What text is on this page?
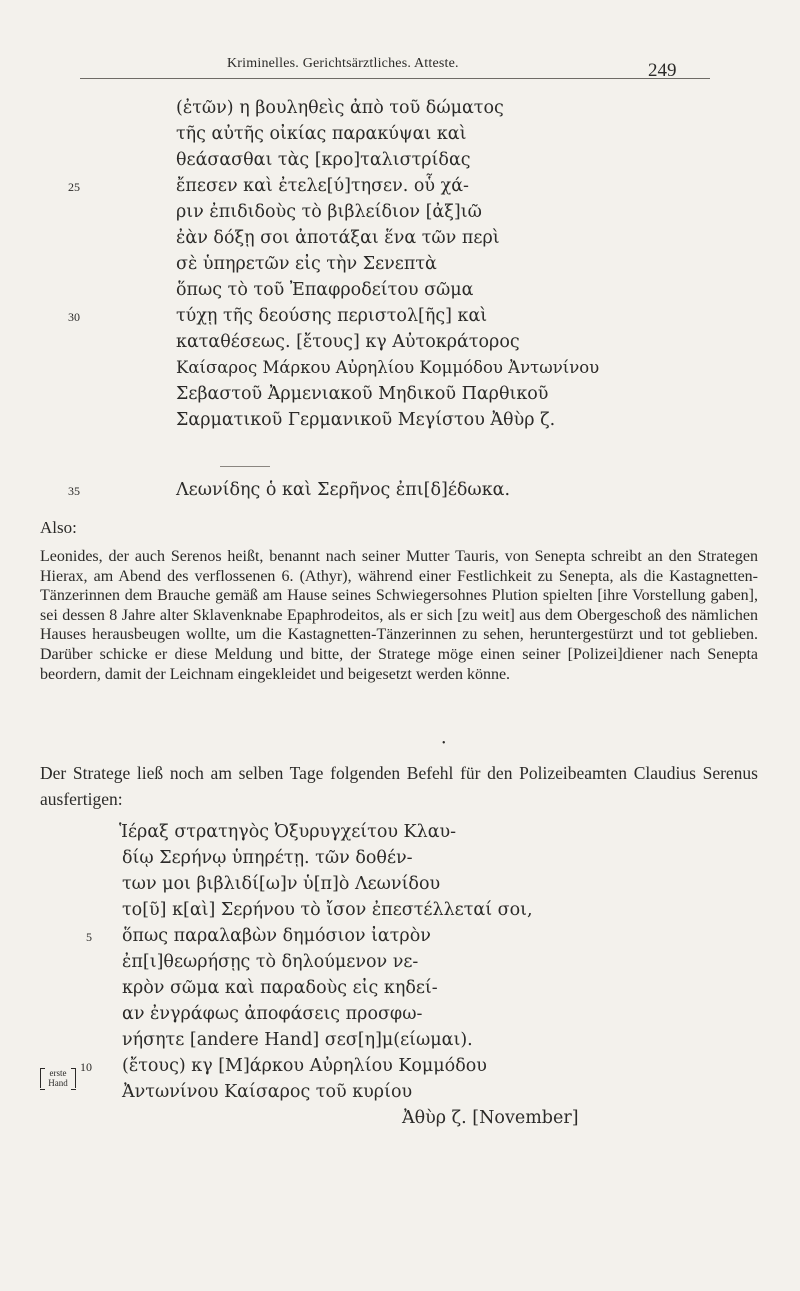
Kriminelles. Gerichtsärztliches. Atteste.	249
(ἐτῶν) η βουληθεὶς ἀπὸ τοῦ δώματος
τῆς αὐτῆς οἰκίας παρακύψαι καὶ
θεάσασθαι τὰς [κρο]ταλιστρίδας
25	ἔπεσεν καὶ ἐτελε[ύ]τησεν. οὗ χά-
ριν ἐπιδιδοὺς τὸ βιβλείδιον [ἀξ]ιῶ
ἐὰν δόξῃ σοι ἀποτάξαι ἕνα τῶν περὶ
σὲ ὑπηρετῶν εἰς τὴν Σενεπτὰ
ὅπως τὸ τοῦ Ἐπαφροδείτου σῶμα
30	τύχῃ τῆς δεούσης περιστολ[ῆς] καὶ
καταθέσεως. [ἔτους] κγ Αὐτοκράτορος
Καίσαρος Μάρκου Αὐρηλίου Κομμόδου Ἀντωνίνου
Σεβαστοῦ Ἀρμενιακοῦ Μηδικοῦ Παρθικοῦ
Σαρματικοῦ Γερμανικοῦ Μεγίστου Ἀθὺρ ζ.
35	Λεωνίδης ὁ καὶ Σερῆνος ἐπι[δ]έδωκα.
Also:
Leonides, der auch Serenos heißt, benannt nach seiner Mutter Tauris, von Senepta schreibt an den Strategen Hierax, am Abend des verflossenen 6. (Athyr), während einer Festlichkeit zu Senepta, als die Kastagnetten-Tänzerinnen dem Brauche gemäß am Hause seines Schwiegersohnes Plution spielten [ihre Vorstellung gaben], sei dessen 8 Jahre alter Sklavenknabe Epaphrodeitos, als er sich [zu weit] aus dem Obergeschoß des nämlichen Hauses herausbeugen wollte, um die Kastagnetten-Tänzerinnen zu sehen, heruntergestürzt und tot geblieben. Darüber schicke er diese Meldung und bitte, der Stratege möge einen seiner [Polizei]diener nach Senepta beordern, damit der Leichnam eingekleidet und beigesetzt werden könne.
•
Der Stratege ließ noch am selben Tage folgenden Befehl für den Polizeibeamten Claudius Serenus ausfertigen:
Ἱέραξ στρατηγὸς Ὀξυρυγχείτου Κλαυ-
δίῳ Σερήνῳ ὑπηρέτῃ. τῶν δοθέν-
των μοι βιβλιδί[ω]ν ὑ[π]ὸ Λεωνίδου
το[ῦ] κ[αὶ] Σερήνου τὸ ἴσον ἐπεστέλλεταί σοι,
5 ὅπως παραλαβὼν δημόσιον ἰατρὸν
ἐπ[ι]θεωρήσῃς τὸ δηλούμενον νε-
κρὸν σῶμα καὶ παραδοὺς εἰς κηδεί-
αν ἐνγράφως ἀποφάσεις προσφω-
νήσητε [andere Hand] σεσ[η]μ(είωμαι).
10 (ἔτους) κγ [Μ]άρκου Αὐρηλίου Κομμόδου
Ἀντωνίνου Καίσαρος τοῦ κυρίου
Ἀθὺρ ζ. [November]
erste
Hand
